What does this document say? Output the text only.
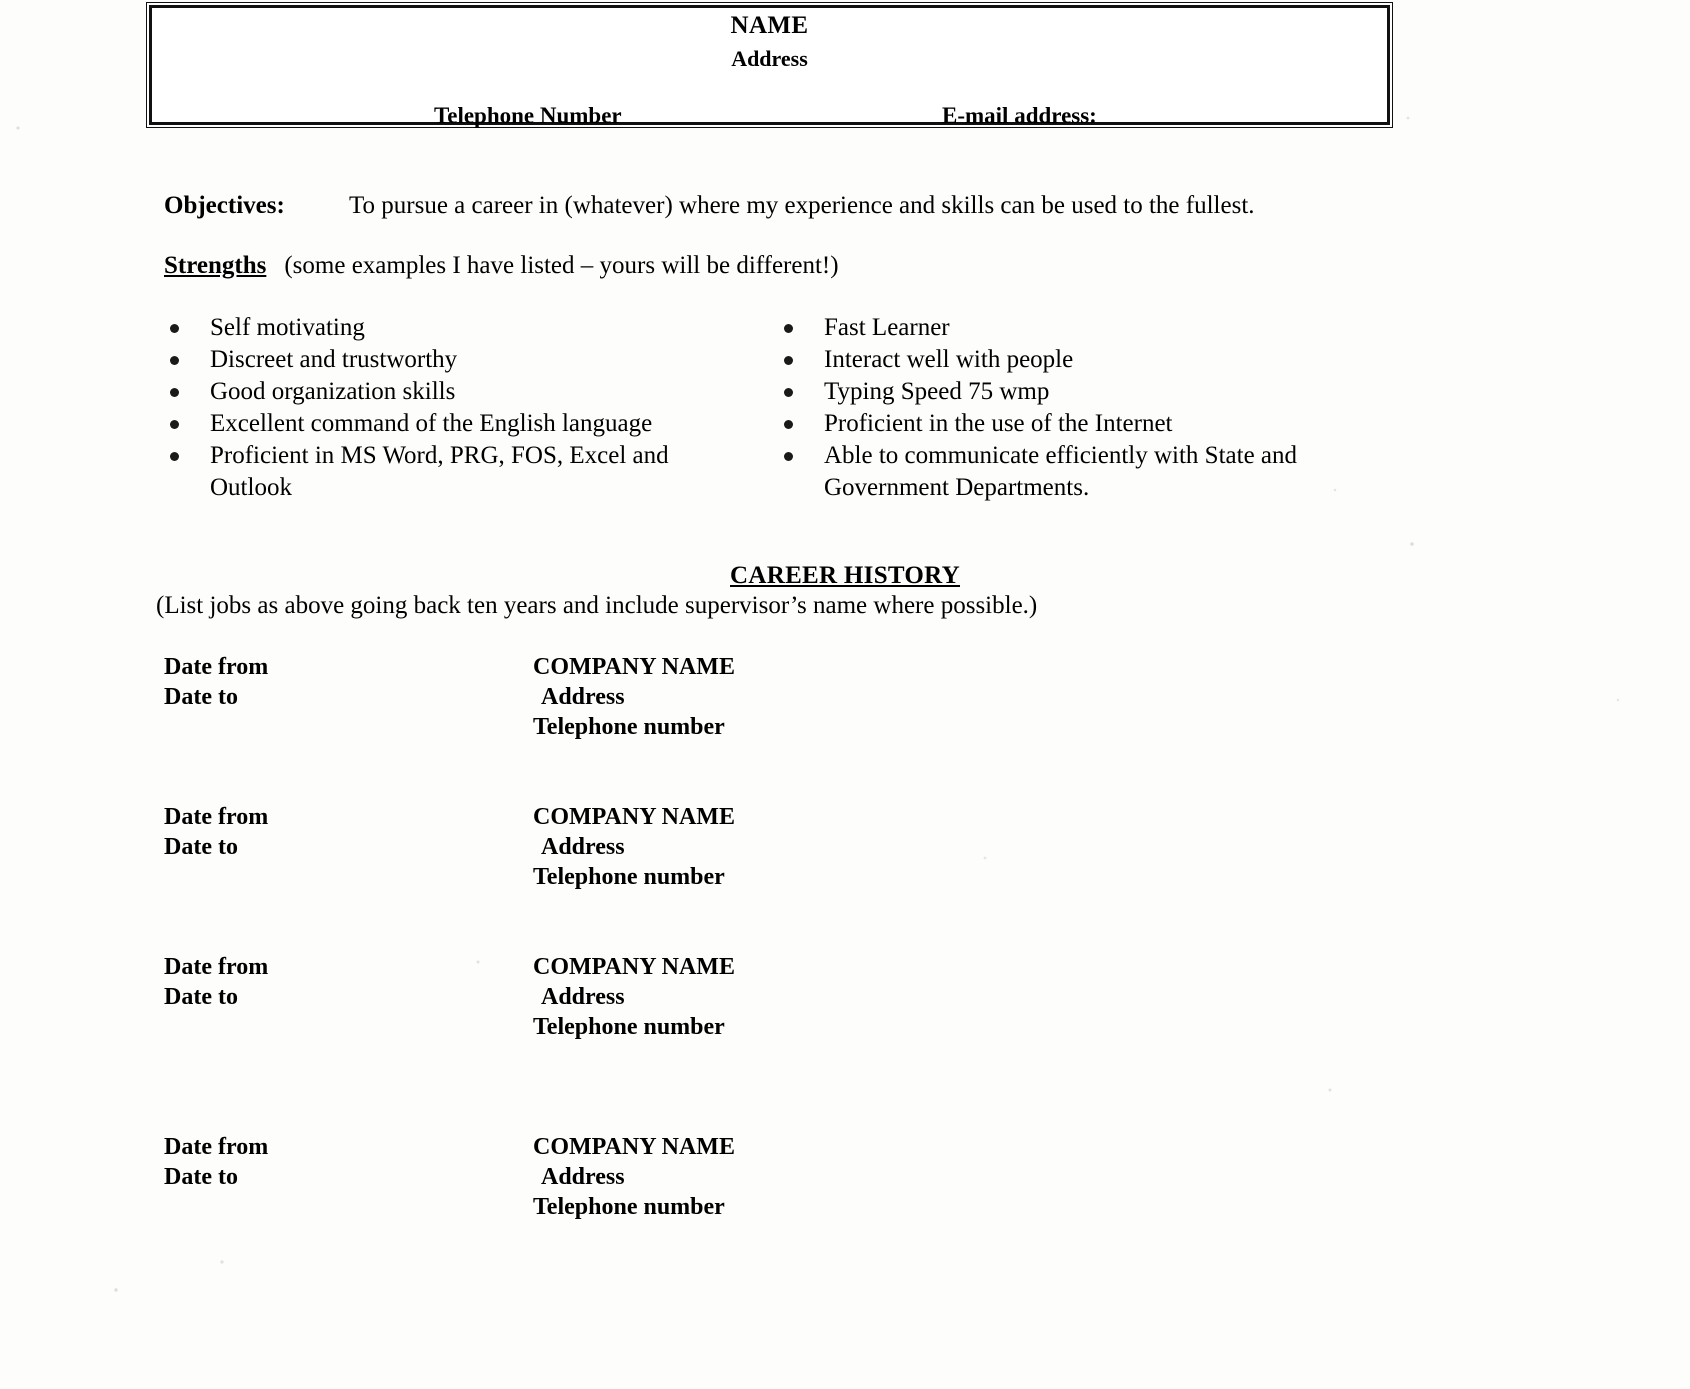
NAME
Address
Telephone Number	E-mail address:
Objectives:	To pursue a career in (whatever) where my experience and skills can be used to the fullest.
Strengths (some examples I have listed – yours will be different!)
Self motivating
Discreet and trustworthy
Good organization skills
Excellent command of the English language
Proficient in MS Word, PRG, FOS, Excel and Outlook
Fast Learner
Interact well with people
Typing Speed 75 wmp
Proficient in the use of the Internet
Able to communicate efficiently with State and Government Departments.
CAREER HISTORY
(List jobs as above going back ten years and include supervisor’s name where possible.)
Date from
Date to
COMPANY NAME
Address
Telephone number
Date from
Date to
COMPANY NAME
Address
Telephone number
Date from
Date to
COMPANY NAME
Address
Telephone number
Date from
Date to
COMPANY NAME
Address
Telephone number
